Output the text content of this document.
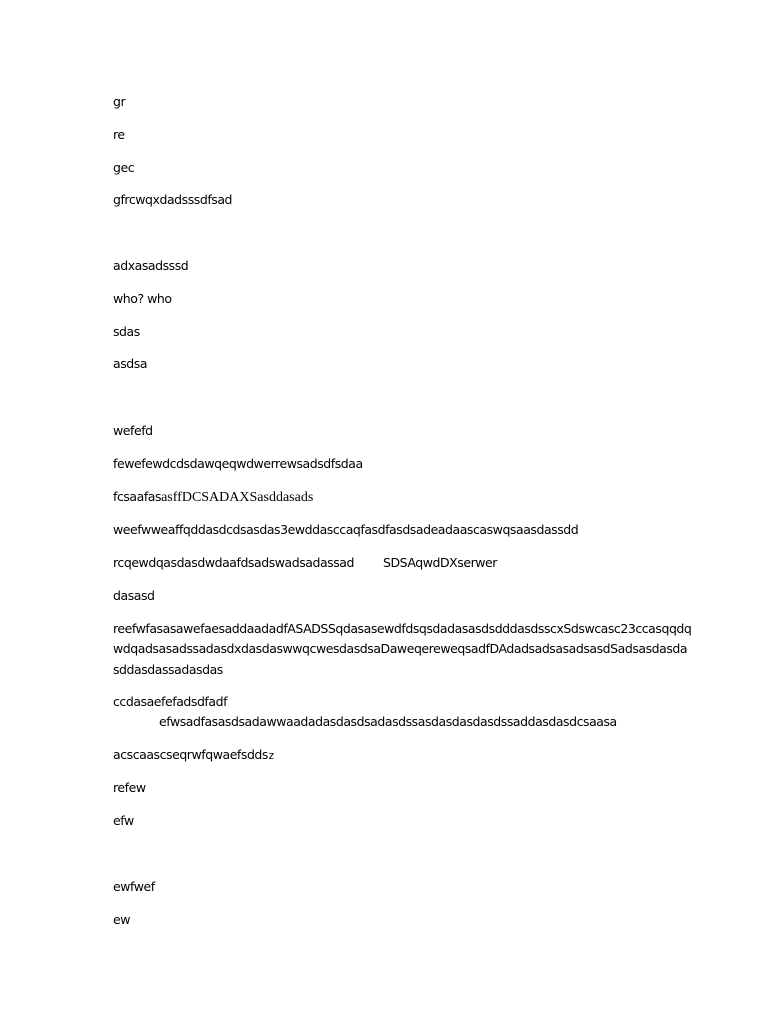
gr
re
gec
gfrcwqxdadsssdfsad
adxasadsssd
who? who
sdas
asdsa
wefefd
fewefewdcdsdawqeqwdwerrewsadsdfsdaa
fcsaafasasffDCSADAXSasddasads
weefwweaffqddasdcdsasdas3ewddasccaqfasdfasdsadeadaascaswqsaasdassdd
rcqewdqasdasdwdaafdsadswadsadassad SDSAqwdDXserwer
dasasd
reefwfasasawefaesaddaadadfASADSSqdasasewdfdsqsdadasasdsdddasdsscxSdswcasc23ccasqqdq
wdqadsasadssadasdxdasdaswwqcwesdasdsaDaweqereweqsadfDAdadsadsasadsasdSadsasdasda
sddasdassadasdas
ccdasaefefadsdfadf
efwsadfasasdsadawwaadadasdasdsadasdssasdasdasdasdssaddasdasdcsaasa
acscaascseqrwfqwaefsddsz
refew
efw
ewfwef
ew
